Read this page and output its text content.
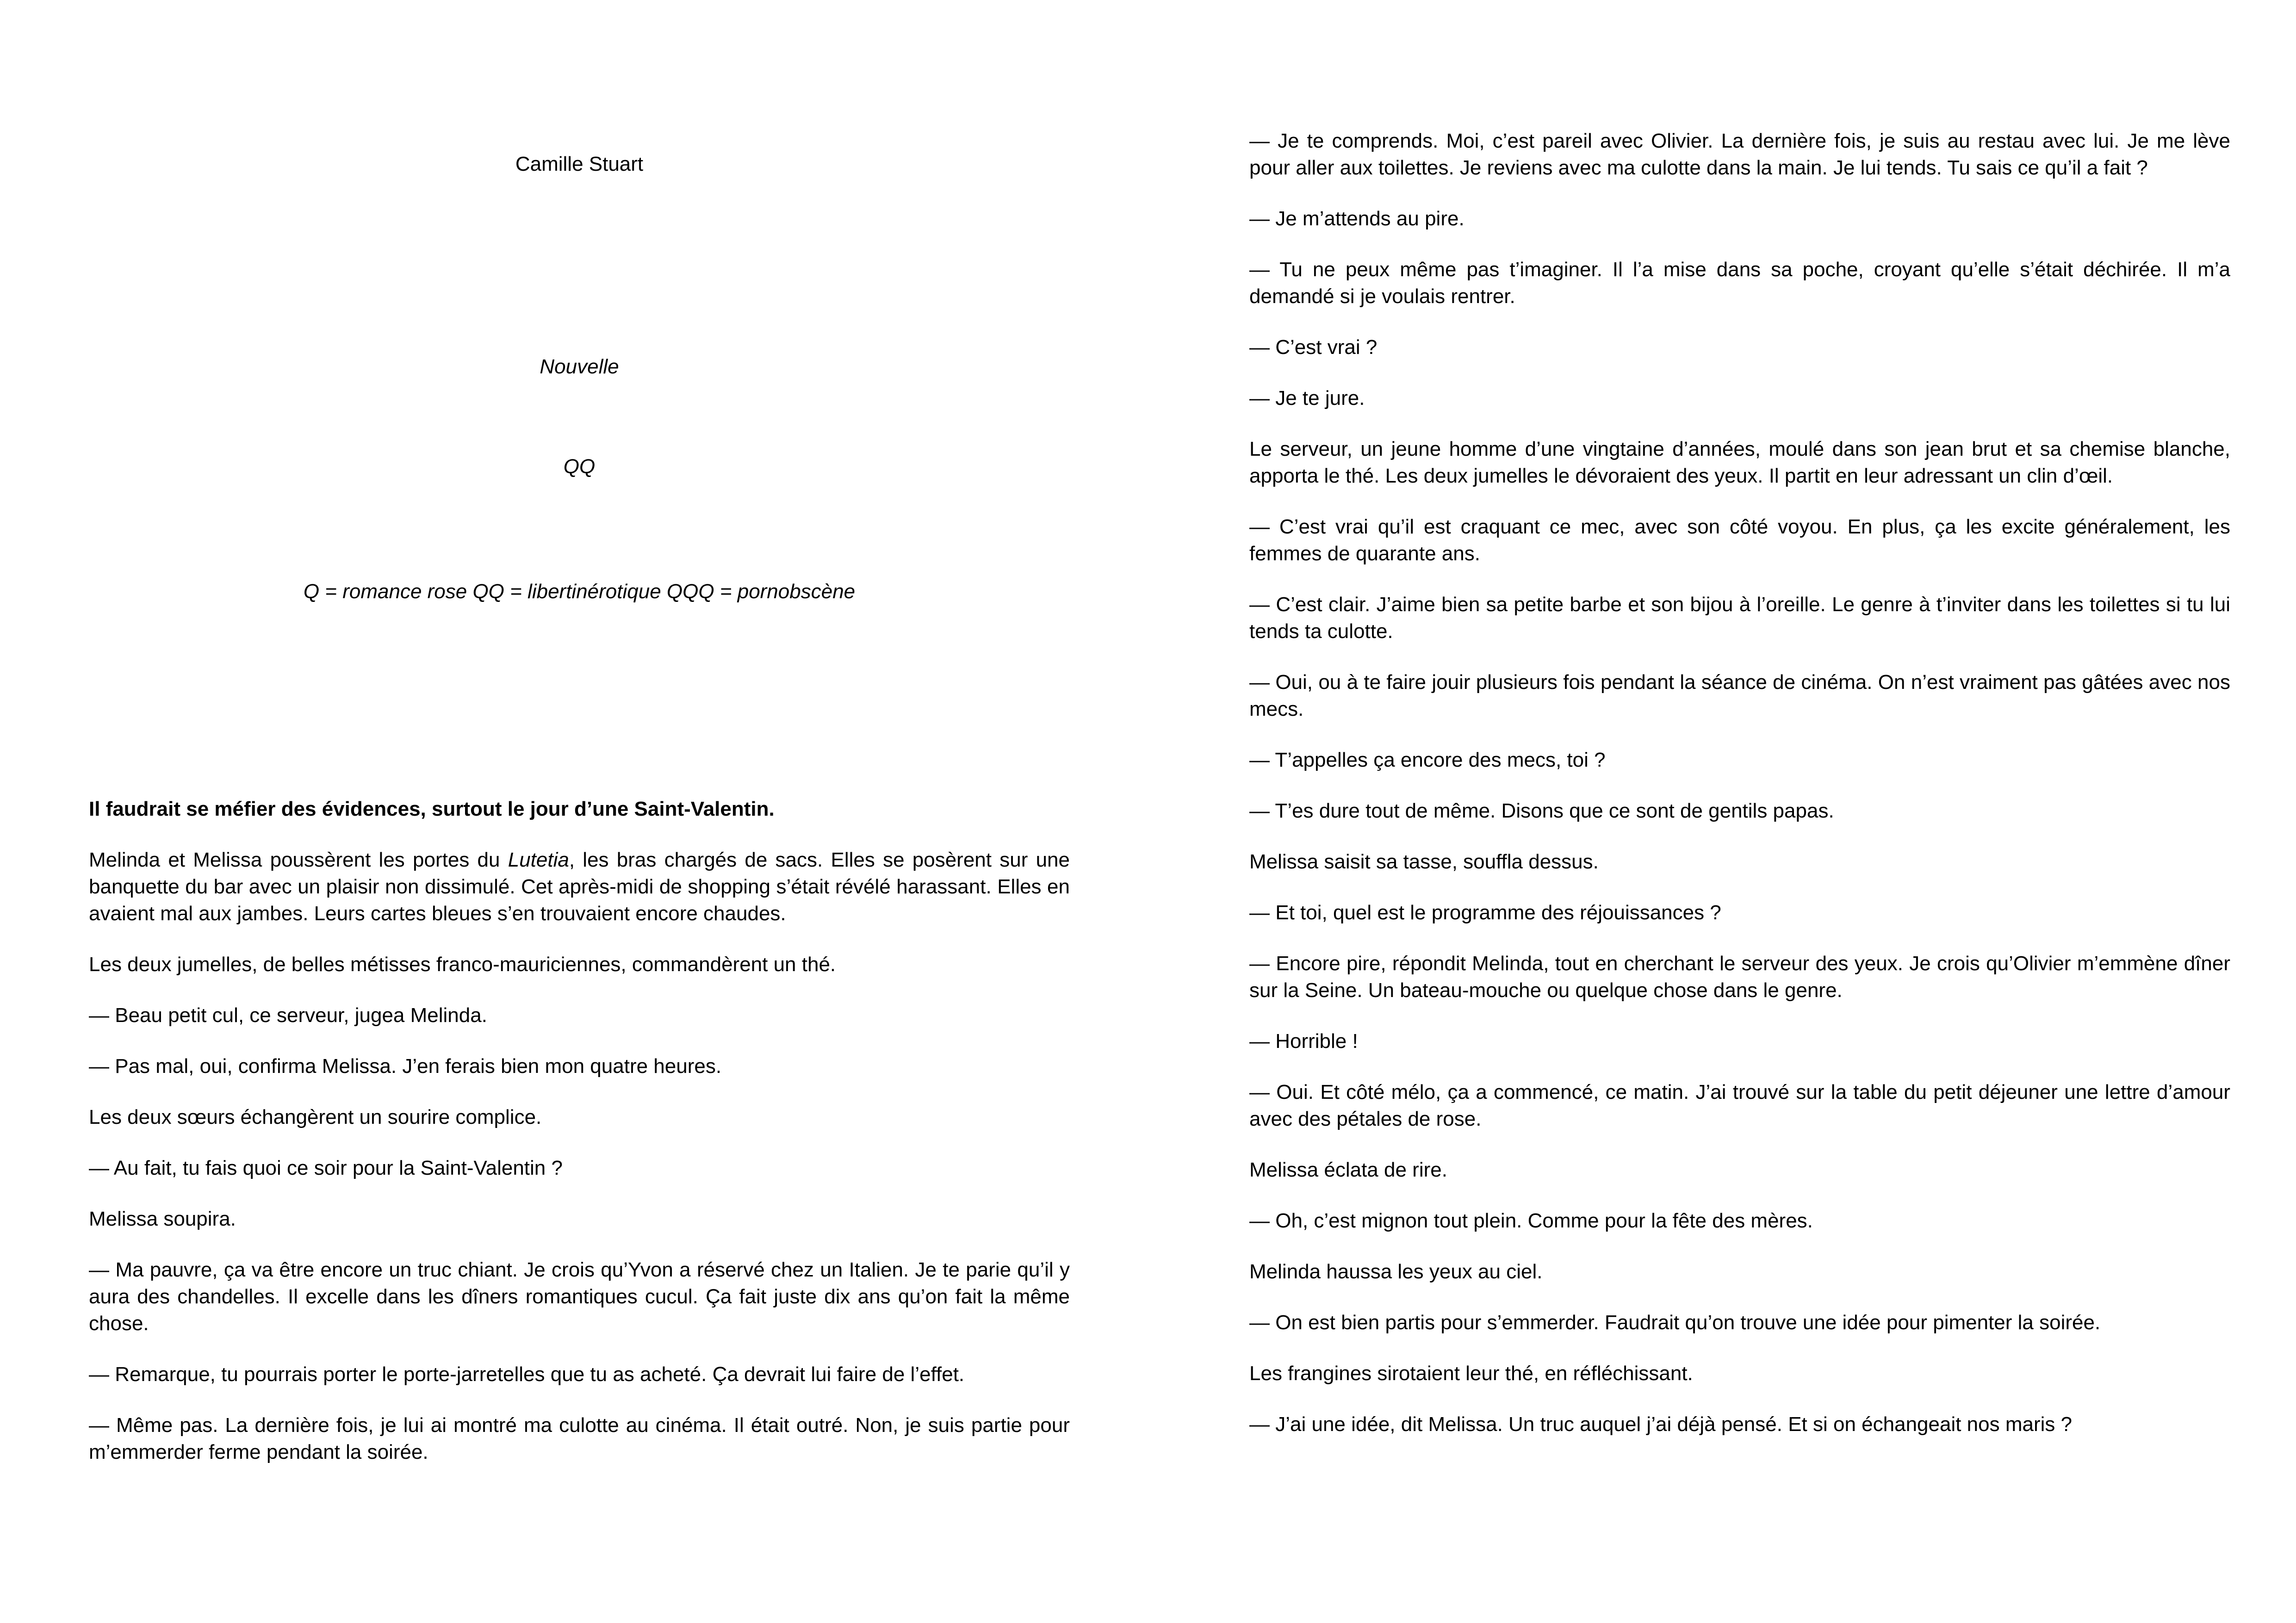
Camille Stuart
Nouvelle
QQ
Q = romance rose QQ = libertinérotique QQQ = pornobscène

Il faudrait se méfier des évidences, surtout le jour d’une Saint-Valentin.

Melinda et Melissa poussèrent les portes du Lutetia, les bras chargés de sacs. Elles se posèrent sur une banquette du bar avec un plaisir non dissimulé. Cet après-midi de shopping s’était révélé harassant. Elles en avaient mal aux jambes. Leurs cartes bleues s’en trouvaient encore chaudes.

Les deux jumelles, de belles métisses franco-mauriciennes, commandèrent un thé.

— Beau petit cul, ce serveur, jugea Melinda.

— Pas mal, oui, confirma Melissa. J’en ferais bien mon quatre heures.

Les deux sœurs échangèrent un sourire complice.

— Au fait, tu fais quoi ce soir pour la Saint-Valentin ?

Melissa soupira.

— Ma pauvre, ça va être encore un truc chiant. Je crois qu’Yvon a réservé chez un Italien. Je te parie qu’il y aura des chandelles. Il excelle dans les dîners romantiques cucul. Ça fait juste dix ans qu’on fait la même chose.

— Remarque, tu pourrais porter le porte-jarretelles que tu as acheté. Ça devrait lui faire de l’effet.

— Même pas. La dernière fois, je lui ai montré ma culotte au cinéma. Il était outré. Non, je suis partie pour m’emmerder ferme pendant la soirée.

— Je te comprends. Moi, c’est pareil avec Olivier. La dernière fois, je suis au restau avec lui. Je me lève pour aller aux toilettes. Je reviens avec ma culotte dans la main. Je lui tends. Tu sais ce qu’il a fait ?

— Je m’attends au pire.

— Tu ne peux même pas t’imaginer. Il l’a mise dans sa poche, croyant qu’elle s’était déchirée. Il m’a demandé si je voulais rentrer.

— C’est vrai ?

— Je te jure.

Le serveur, un jeune homme d’une vingtaine d’années, moulé dans son jean brut et sa chemise blanche, apporta le thé. Les deux jumelles le dévoraient des yeux. Il partit en leur adressant un clin d’œil.

— C’est vrai qu’il est craquant ce mec, avec son côté voyou. En plus, ça les excite généralement, les femmes de quarante ans.

— C’est clair. J’aime bien sa petite barbe et son bijou à l’oreille. Le genre à t’inviter dans les toilettes si tu lui tends ta culotte.

— Oui, ou à te faire jouir plusieurs fois pendant la séance de cinéma. On n’est vraiment pas gâtées avec nos mecs.

— T’appelles ça encore des mecs, toi ?

— T’es dure tout de même. Disons que ce sont de gentils papas.

Melissa saisit sa tasse, souffla dessus.

— Et toi, quel est le programme des réjouissances ?

— Encore pire, répondit Melinda, tout en cherchant le serveur des yeux. Je crois qu’Olivier m’emmène dîner sur la Seine. Un bateau-mouche ou quelque chose dans le genre.

— Horrible !

— Oui. Et côté mélo, ça a commencé, ce matin. J’ai trouvé sur la table du petit déjeuner une lettre d’amour avec des pétales de rose.

Melissa éclata de rire.

— Oh, c’est mignon tout plein. Comme pour la fête des mères.

Melinda haussa les yeux au ciel.

— On est bien partis pour s’emmerder. Faudrait qu’on trouve une idée pour pimenter la soirée.

Les frangines sirotaient leur thé, en réfléchissant.

— J’ai une idée, dit Melissa. Un truc auquel j’ai déjà pensé. Et si on échangeait nos maris ?
